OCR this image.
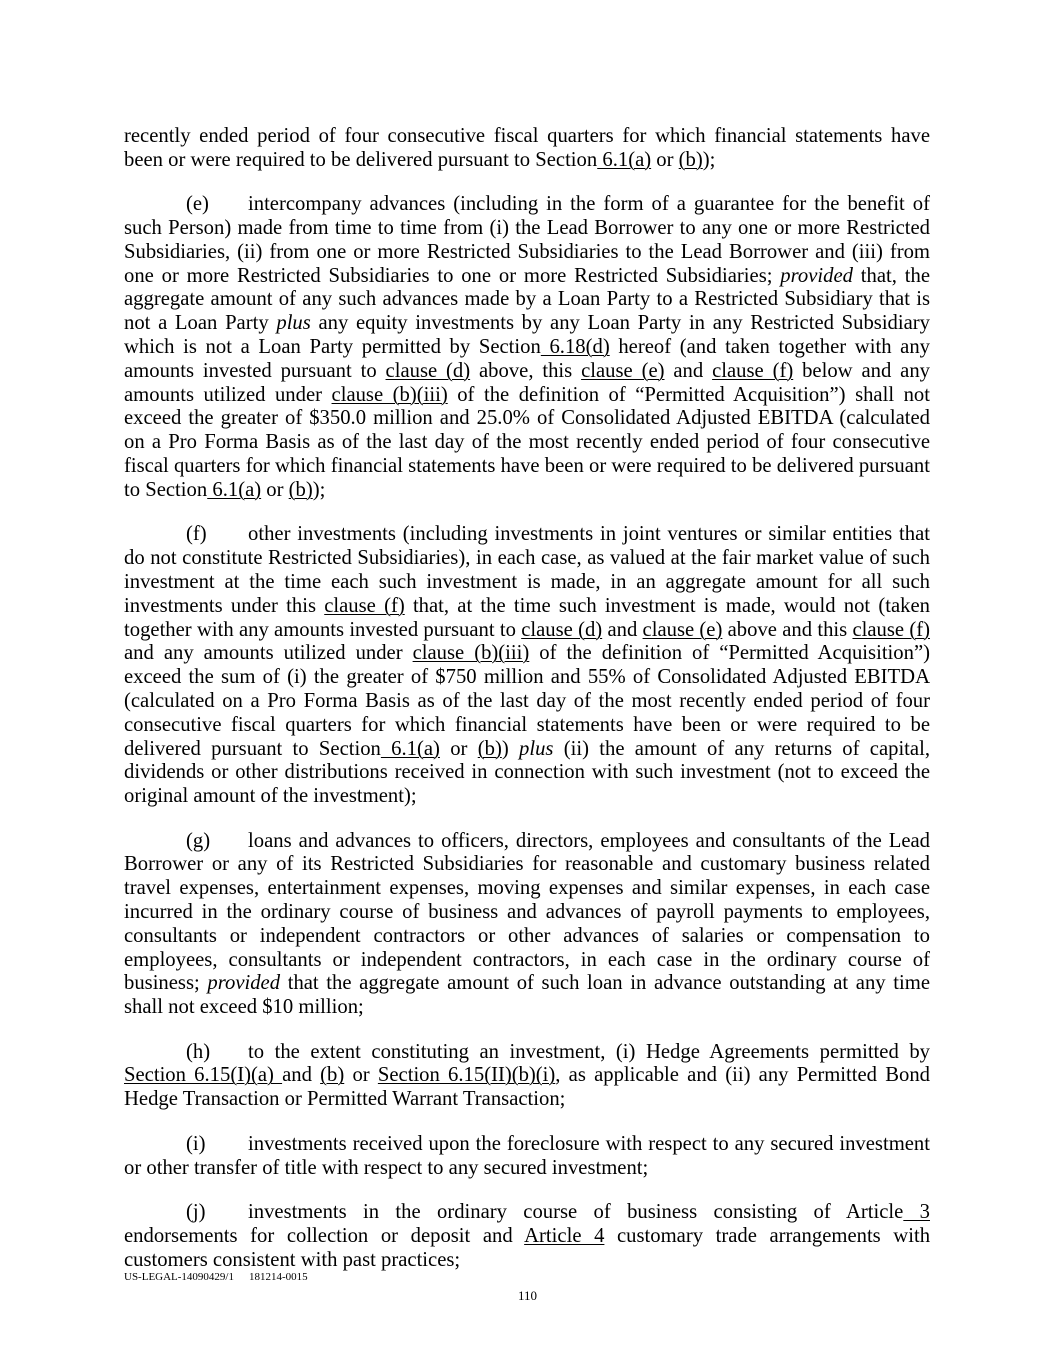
recently ended period of four consecutive fiscal quarters for which financial statements have been or were required to be delivered pursuant to Section 6.1(a) or (b));

(e) intercompany advances (including in the form of a guarantee for the benefit of such Person) made from time to time from (i) the Lead Borrower to any one or more Restricted Subsidiaries, (ii) from one or more Restricted Subsidiaries to the Lead Borrower and (iii) from one or more Restricted Subsidiaries to one or more Restricted Subsidiaries; provided that, the aggregate amount of any such advances made by a Loan Party to a Restricted Subsidiary that is not a Loan Party plus any equity investments by any Loan Party in any Restricted Subsidiary which is not a Loan Party permitted by Section 6.18(d) hereof (and taken together with any amounts invested pursuant to clause (d) above, this clause (e) and clause (f) below and any amounts utilized under clause (b)(iii) of the definition of “Permitted Acquisition”) shall not exceed the greater of $350.0 million and 25.0% of Consolidated Adjusted EBITDA (calculated on a Pro Forma Basis as of the last day of the most recently ended period of four consecutive fiscal quarters for which financial statements have been or were required to be delivered pursuant to Section 6.1(a) or (b));

(f) other investments (including investments in joint ventures or similar entities that do not constitute Restricted Subsidiaries), in each case, as valued at the fair market value of such investment at the time each such investment is made, in an aggregate amount for all such investments under this clause (f) that, at the time such investment is made, would not (taken together with any amounts invested pursuant to clause (d) and clause (e) above and this clause (f) and any amounts utilized under clause (b)(iii) of the definition of “Permitted Acquisition”) exceed the sum of (i) the greater of $750 million and 55% of Consolidated Adjusted EBITDA (calculated on a Pro Forma Basis as of the last day of the most recently ended period of four consecutive fiscal quarters for which financial statements have been or were required to be delivered pursuant to Section 6.1(a) or (b)) plus (ii) the amount of any returns of capital, dividends or other distributions received in connection with such investment (not to exceed the original amount of the investment);

(g) loans and advances to officers, directors, employees and consultants of the Lead Borrower or any of its Restricted Subsidiaries for reasonable and customary business related travel expenses, entertainment expenses, moving expenses and similar expenses, in each case incurred in the ordinary course of business and advances of payroll payments to employees, consultants or independent contractors or other advances of salaries or compensation to employees, consultants or independent contractors, in each case in the ordinary course of business; provided that the aggregate amount of such loan in advance outstanding at any time shall not exceed $10 million;

(h) to the extent constituting an investment, (i) Hedge Agreements permitted by Section 6.15(I)(a) and (b) or Section 6.15(II)(b)(i), as applicable and (ii) any Permitted Bond Hedge Transaction or Permitted Warrant Transaction;

(i) investments received upon the foreclosure with respect to any secured investment or other transfer of title with respect to any secured investment;

(j) investments in the ordinary course of business consisting of Article 3 endorsements for collection or deposit and Article 4 customary trade arrangements with customers consistent with past practices;

US-LEGAL-14090429/1 181214-0015
110
